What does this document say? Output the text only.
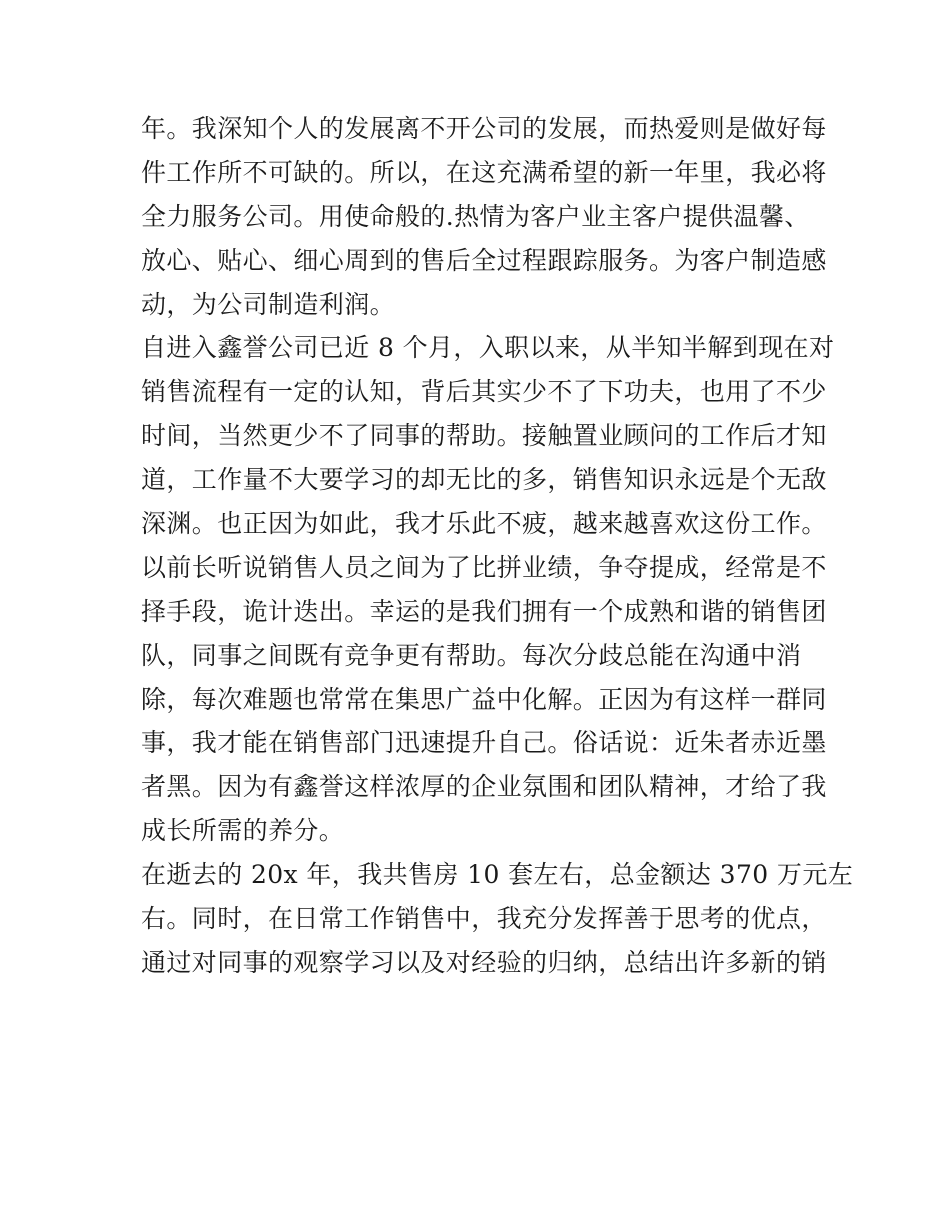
年。我深知个人的发展离不开公司的发展，而热爱则是做好每
件工作所不可缺的。所以，在这充满希望的新一年里，我必将
全力服务公司。用使命般的.热情为客户业主客户提供温馨、
放心、贴心、细心周到的售后全过程跟踪服务。为客户制造感
动，为公司制造利润。
自进入鑫誉公司已近 8 个月，入职以来，从半知半解到现在对
销售流程有一定的认知，背后其实少不了下功夫，也用了不少
时间，当然更少不了同事的帮助。接触置业顾问的工作后才知
道，工作量不大要学习的却无比的多，销售知识永远是个无敌
深渊。也正因为如此，我才乐此不疲，越来越喜欢这份工作。
以前长听说销售人员之间为了比拼业绩，争夺提成，经常是不
择手段，诡计迭出。幸运的是我们拥有一个成熟和谐的销售团
队，同事之间既有竞争更有帮助。每次分歧总能在沟通中消
除，每次难题也常常在集思广益中化解。正因为有这样一群同
事，我才能在销售部门迅速提升自己。俗话说：近朱者赤近墨
者黑。因为有鑫誉这样浓厚的企业氛围和团队精神，才给了我
成长所需的养分。
在逝去的 20x 年，我共售房 10 套左右，总金额达 370 万元左
右。同时，在日常工作销售中，我充分发挥善于思考的优点，
通过对同事的观察学习以及对经验的归纳，总结出许多新的销
